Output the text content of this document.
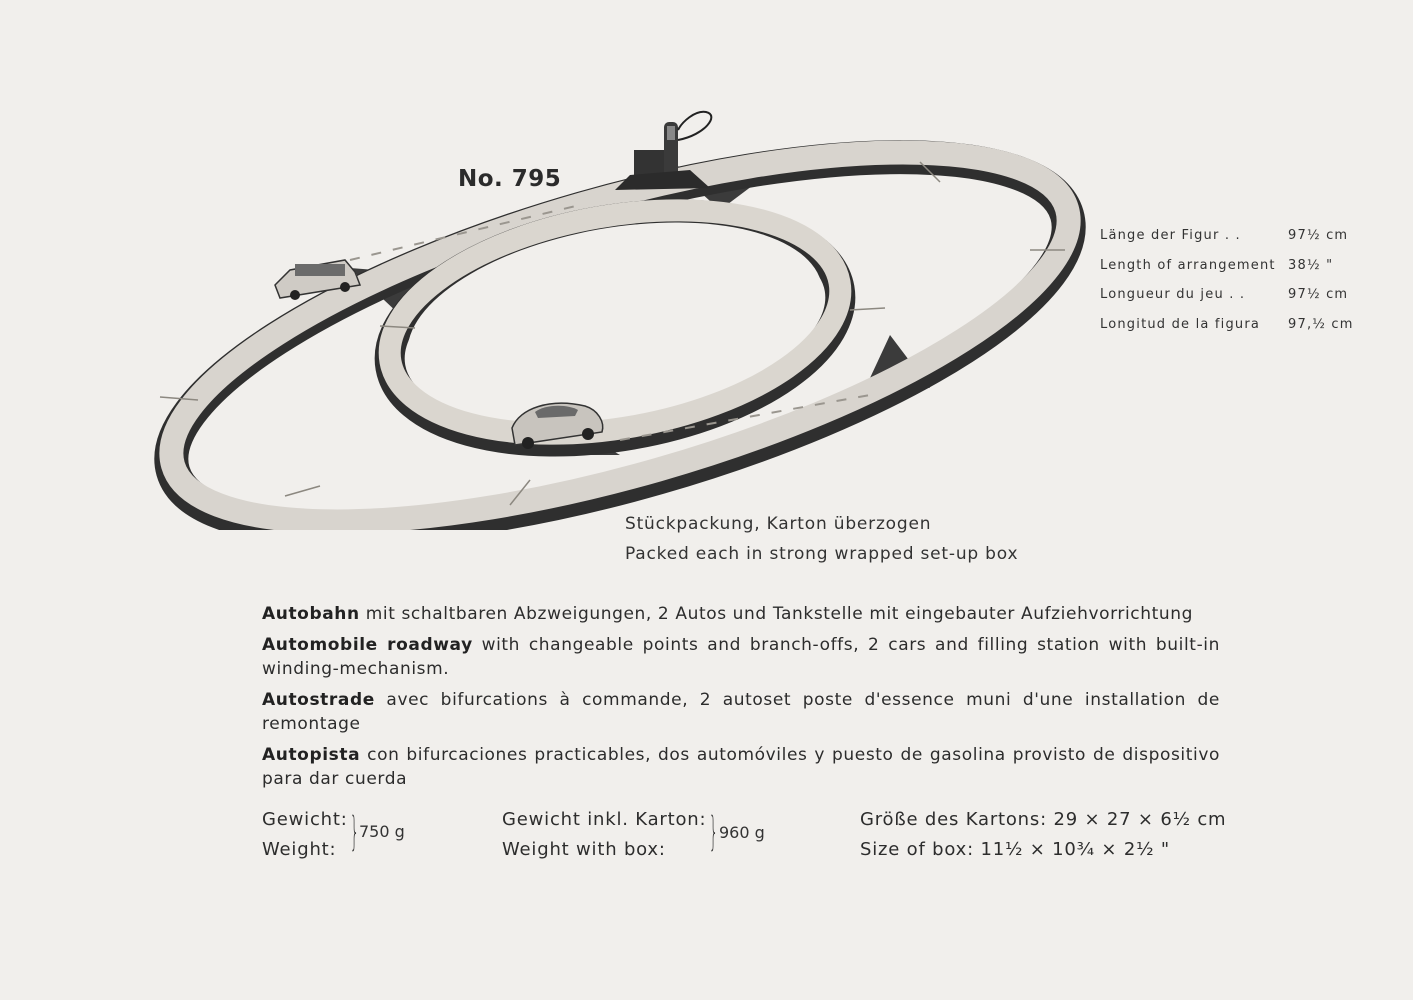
No. 795
Länge der Figur . .	97½ cm
Length of arrangement 38½ "
Longueur du jeu . .	97½ cm
Longitud de la figura	97,½ cm
Stückpackung, Karton überzogen
Packed each in strong wrapped set-up box

Autobahn mit schaltbaren Abzweigungen, 2 Autos und Tankstelle mit eingebauter Aufziehvorrichtung

Automobile roadway with changeable points and branch-offs, 2 cars and filling station with built-in winding-mechanism.

Autostrade avec bifurcations à commande, 2 autoset poste d'essence muni d'une installation de remontage

Autopista con bifurcaciones practicables, dos automóviles y puesto de gasolina provisto de dispositivo para dar cuerda

Gewicht:
Weight: } 750 g
Gewicht inkl. Karton:
Weight with box:	} 960 g
Größe des Kartons: 29 × 27 × 6½ cm
Size of box: 11½ × 10¾ × 2½ "
